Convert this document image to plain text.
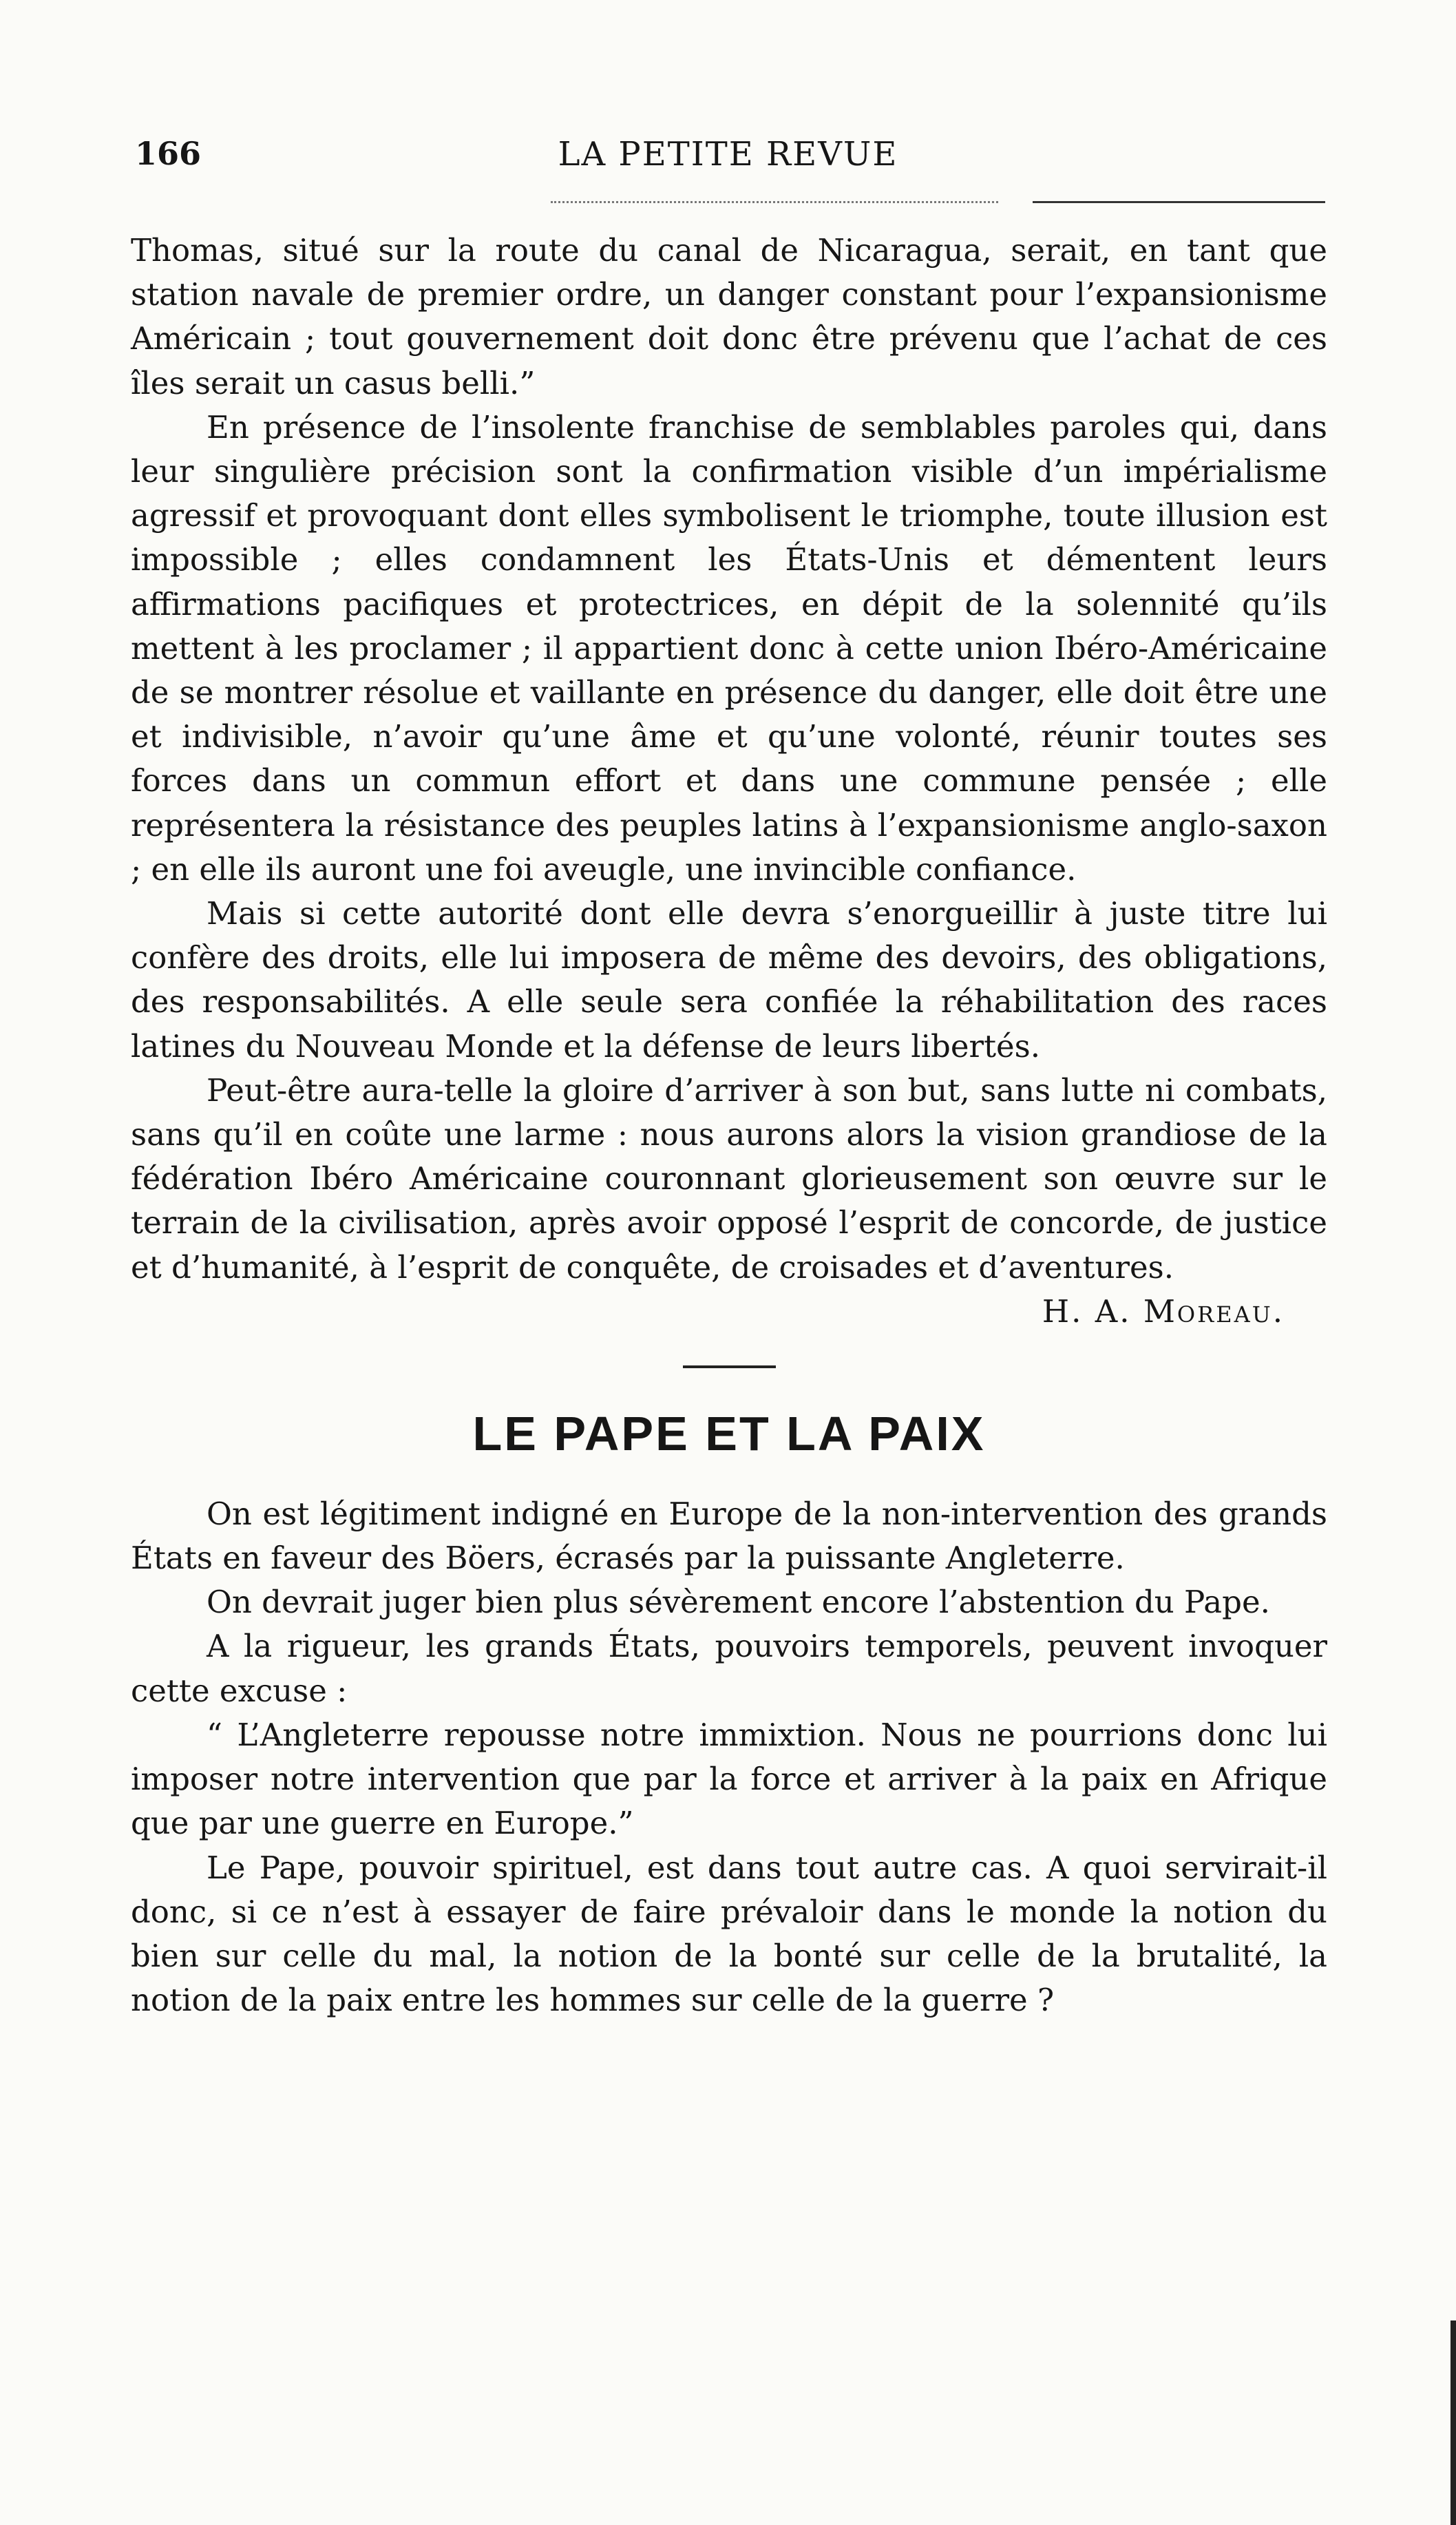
166	LA PETITE REVUE

Thomas, situé sur la route du canal de Nicaragua, serait, en tant que station navale de premier ordre, un danger constant pour l’expansionisme Américain ; tout gouvernement doit donc être prévenu que l’achat de ces îles serait un casus belli.”

En présence de l’insolente franchise de semblables paroles qui, dans leur singulière précision sont la confirmation visible d’un impérialisme agressif et provoquant dont elles symbolisent le triomphe, toute illusion est impossible ; elles condamnent les États-Unis et démentent leurs affirmations pacifiques et protectrices, en dépit de la solennité qu’ils mettent à les proclamer ; il appartient donc à cette union Ibéro-Américaine de se montrer résolue et vaillante en présence du danger, elle doit être une et indivisible, n’avoir qu’une âme et qu’une volonté, réunir toutes ses forces dans un commun effort et dans une commune pensée ; elle représentera la résistance des peuples latins à l’expansionisme anglo-saxon ; en elle ils auront une foi aveugle, une invincible confiance.

Mais si cette autorité dont elle devra s’enorgueillir à juste titre lui confère des droits, elle lui imposera de même des devoirs, des obligations, des responsabilités. A elle seule sera confiée la réhabilitation des races latines du Nouveau Monde et la défense de leurs libertés.

Peut-être aura-telle la gloire d’arriver à son but, sans lutte ni combats, sans qu’il en coûte une larme : nous aurons alors la vision grandiose de la fédération Ibéro Américaine couronnant glorieusement son œuvre sur le terrain de la civilisation, après avoir opposé l’esprit de concorde, de justice et d’humanité, à l’esprit de conquête, de croisades et d’aventures.

H. A. Moreau.
LE PAPE ET LA PAIX

On est légitiment indigné en Europe de la non-intervention des grands États en faveur des Böers, écrasés par la puissante Angleterre.

On devrait juger bien plus sévèrement encore l’abstention du Pape.

A la rigueur, les grands États, pouvoirs temporels, peuvent invoquer cette excuse :

“ L’Angleterre repousse notre immixtion. Nous ne pourrions donc lui imposer notre intervention que par la force et arriver à la paix en Afrique que par une guerre en Europe.”

Le Pape, pouvoir spirituel, est dans tout autre cas. A quoi servirait-il donc, si ce n’est à essayer de faire prévaloir dans le monde la notion du bien sur celle du mal, la notion de la bonté sur celle de la brutalité, la notion de la paix entre les hommes sur celle de la guerre ?
